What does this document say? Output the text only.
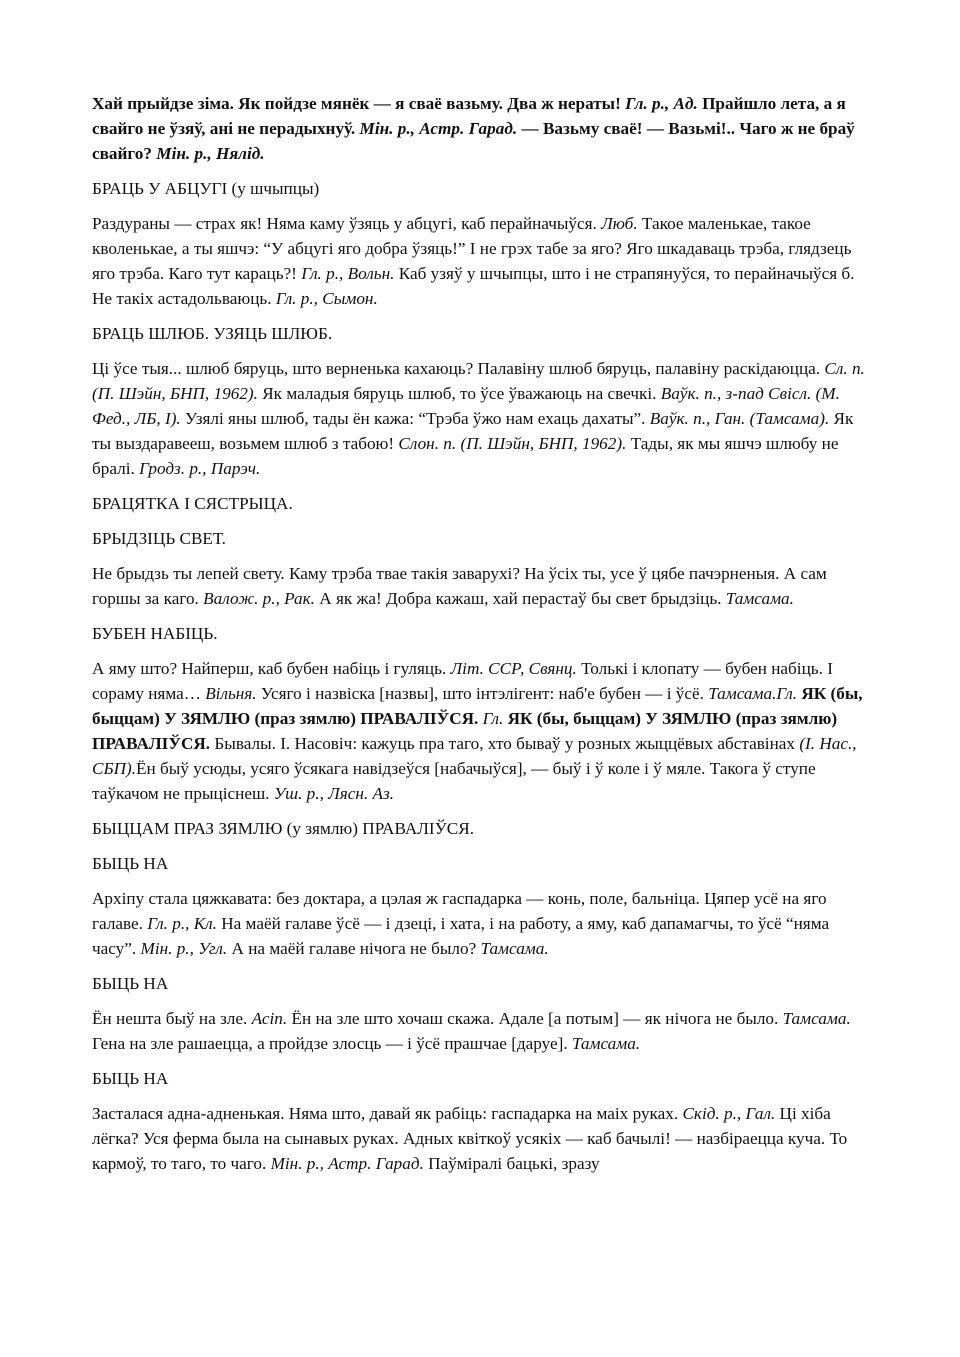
Хай прыйдзе зіма. Як пойдзе мянёк — я сваё вазьму. Два ж нераты! Гл. р., Ад. Прайшло лета, а я свайго не ўзяў, ані не перадыхнуў. Мін. р., Астр. Гарад. — Вазьму сваё! — Вазьмі!.. Чаго ж не браў свайго? Мін. р., Нялід.

БРАЦЬ У АБЦУГІ (у шчыпцы)

Раздураны — страх як! Няма каму ўзяць у абцугі, каб перайначыўся. Люб. Такое маленькае, такое кволенькае, а ты яшчэ: “У абцугі яго добра ўзяць!” І не грэх табе за яго? Яго шкадаваць трэба, глядзець яго трэба. Каго тут караць?! Гл. р., Вольн. Каб узяў у шчыпцы, што і не страпянуўся, то перайначыўся б. Не такіх астадольваюць. Гл. р., Сымон.

БРАЦЬ ШЛЮБ. УЗЯЦЬ ШЛЮБ.

Ці ўсе тыя... шлюб бяруць, што верненька кахаюць? Палавіну шлюб бяруць, палавіну раскідаюцца. Сл. п. (П. Шэйн, БНП, 1962). Як маладыя бяруць шлюб, то ўсе ўважаюць на свечкі. Ваўк. п., з-пад Свісл. (М. Фед., ЛБ, І). Узялі яны шлюб, тады ён кажа: “Трэба ўжо нам ехаць дахаты”. Ваўк. п., Ган. (Тамсама). Як ты выздаравееш, возьмем шлюб з табою! Слон. п. (П. Шэйн, БНП, 1962). Тады, як мы яшчэ шлюбу не бралі. Гродз. р., Парэч.

БРАЦЯТКА І СЯСТРЫЦА.

БРЫДЗІЦЬ СВЕТ.

Не брыдзь ты лепей свету. Каму трэба твае такія заварухі? На ўсіх ты, усе ў цябе пачэрненыя. А сам горшы за каго. Валож. р., Рак. А як жа! Добра кажаш, хай перастаў бы свет брыдзіць. Тамсама.

БУБЕН НАБІЦЬ.

А яму што? Найперш, каб бубен набіць і гуляць. Літ. ССР, Свянц. Толькі і клопату — бубен набіць. І сораму няма… Вільня. Усяго і назвіска [назвы], што інтэлігент: наб'е бубен — і ўсё. Тамсама.Гл. ЯК (бы, быццам) У ЗЯМЛЮ (праз зямлю) ПРАВАЛІЎСЯ. Гл. ЯК (бы, быццам) У ЗЯМЛЮ (праз зямлю) ПРАВАЛІЎСЯ. Бывалы. І. Насовіч: кажуць пра таго, хто бываў у розных жыццёвых абставінах (І. Нас., СБП).Ён быў усюды, усяго ўсякага навідзеўся [набачыўся], — быў і ў коле і ў мяле. Такога ў ступе таўкачом не прыціснеш. Уш. р., Лясн. Аз.

БЫЦЦАМ ПРАЗ ЗЯМЛЮ (у зямлю) ПРАВАЛІЎСЯ.

БЫЦЬ НА

Архіпу стала цяжкавата: без доктара, а цэлая ж гаспадарка — конь, поле, бальніца. Цяпер усё на яго галаве. Гл. р., Кл. На маёй галаве ўсё — і дзеці, і хата, і на работу, а яму, каб дапамагчы, то ўсё “няма часу”. Мін. р., Угл. А на маёй галаве нічога не было? Тамсама.

БЫЦЬ НА

Ён нешта быў на злe. Асіп. Ён на зле што хочаш скажа. Адале [а потым] — як нічога не было. Тамсама. Гена на зле рашаецца, а пройдзе злосць — і ўсё прашчае [даруе]. Тамсама.

БЫЦЬ НА

Засталася адна-адненькая. Няма што, давай як рабіць: гаспадарка на маіх руках. Скід. р., Гал. Ці хіба лёгка? Уся ферма была на сынавых руках. Адных квіткоў усякіх — каб бачылі! — назбіраецца куча. То кармоў, то таго, то чаго. Мін. р., Астр. Гарад. Паўміралі бацькі, зразу
